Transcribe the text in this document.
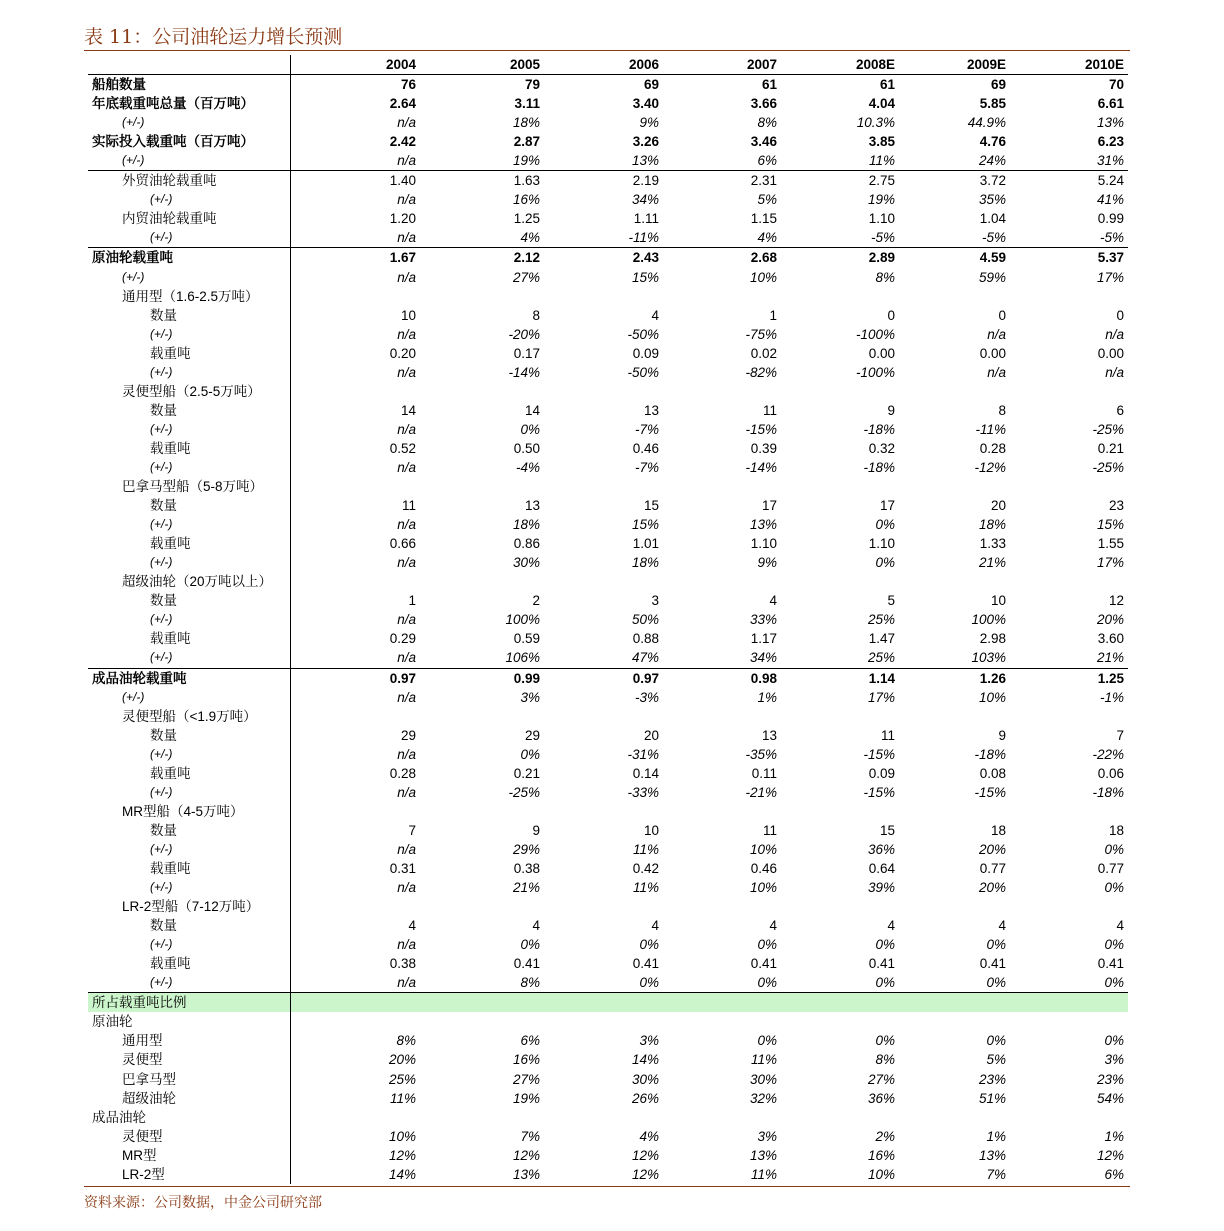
表 11：公司油轮运力增长预测
	2004	2005	2006	2007	2008E	2009E	2010E
船舶数量	76	79	69	61	61	69	70
年底载重吨总量（百万吨）	2.64	3.11	3.40	3.66	4.04	5.85	6.61
(+/-)	n/a	18%	9%	8%	10.3%	44.9%	13%
实际投入载重吨（百万吨）	2.42	2.87	3.26	3.46	3.85	4.76	6.23
(+/-)	n/a	19%	13%	6%	11%	24%	31%
外贸油轮载重吨	1.40	1.63	2.19	2.31	2.75	3.72	5.24
(+/-)	n/a	16%	34%	5%	19%	35%	41%
内贸油轮载重吨	1.20	1.25	1.11	1.15	1.10	1.04	0.99
(+/-)	n/a	4%	-11%	4%	-5%	-5%	-5%
原油轮载重吨	1.67	2.12	2.43	2.68	2.89	4.59	5.37
(+/-)	n/a	27%	15%	10%	8%	59%	17%
通用型（1.6-2.5万吨）							
数量	10	8	4	1	0	0	0
(+/-)	n/a	-20%	-50%	-75%	-100%	n/a	n/a
载重吨	0.20	0.17	0.09	0.02	0.00	0.00	0.00
(+/-)	n/a	-14%	-50%	-82%	-100%	n/a	n/a
灵便型船（2.5-5万吨）							
数量	14	14	13	11	9	8	6
(+/-)	n/a	0%	-7%	-15%	-18%	-11%	-25%
载重吨	0.52	0.50	0.46	0.39	0.32	0.28	0.21
(+/-)	n/a	-4%	-7%	-14%	-18%	-12%	-25%
巴拿马型船（5-8万吨）							
数量	11	13	15	17	17	20	23
(+/-)	n/a	18%	15%	13%	0%	18%	15%
载重吨	0.66	0.86	1.01	1.10	1.10	1.33	1.55
(+/-)	n/a	30%	18%	9%	0%	21%	17%
超级油轮（20万吨以上）							
数量	1	2	3	4	5	10	12
(+/-)	n/a	100%	50%	33%	25%	100%	20%
载重吨	0.29	0.59	0.88	1.17	1.47	2.98	3.60
(+/-)	n/a	106%	47%	34%	25%	103%	21%
成品油轮载重吨	0.97	0.99	0.97	0.98	1.14	1.26	1.25
(+/-)	n/a	3%	-3%	1%	17%	10%	-1%
灵便型船（<1.9万吨）							
数量	29	29	20	13	11	9	7
(+/-)	n/a	0%	-31%	-35%	-15%	-18%	-22%
载重吨	0.28	0.21	0.14	0.11	0.09	0.08	0.06
(+/-)	n/a	-25%	-33%	-21%	-15%	-15%	-18%
MR型船（4-5万吨）							
数量	7	9	10	11	15	18	18
(+/-)	n/a	29%	11%	10%	36%	20%	0%
载重吨	0.31	0.38	0.42	0.46	0.64	0.77	0.77
(+/-)	n/a	21%	11%	10%	39%	20%	0%
LR-2型船（7-12万吨）							
数量	4	4	4	4	4	4	4
(+/-)	n/a	0%	0%	0%	0%	0%	0%
载重吨	0.38	0.41	0.41	0.41	0.41	0.41	0.41
(+/-)	n/a	8%	0%	0%	0%	0%	0%
所占载重吨比例							
原油轮							
通用型	8%	6%	3%	0%	0%	0%	0%
灵便型	20%	16%	14%	11%	8%	5%	3%
巴拿马型	25%	27%	30%	30%	27%	23%	23%
超级油轮	11%	19%	26%	32%	36%	51%	54%
成品油轮							
灵便型	10%	7%	4%	3%	2%	1%	1%
MR型	12%	12%	12%	13%	16%	13%	12%
LR-2型	14%	13%	12%	11%	10%	7%	6%
资料来源：公司数据，中金公司研究部
